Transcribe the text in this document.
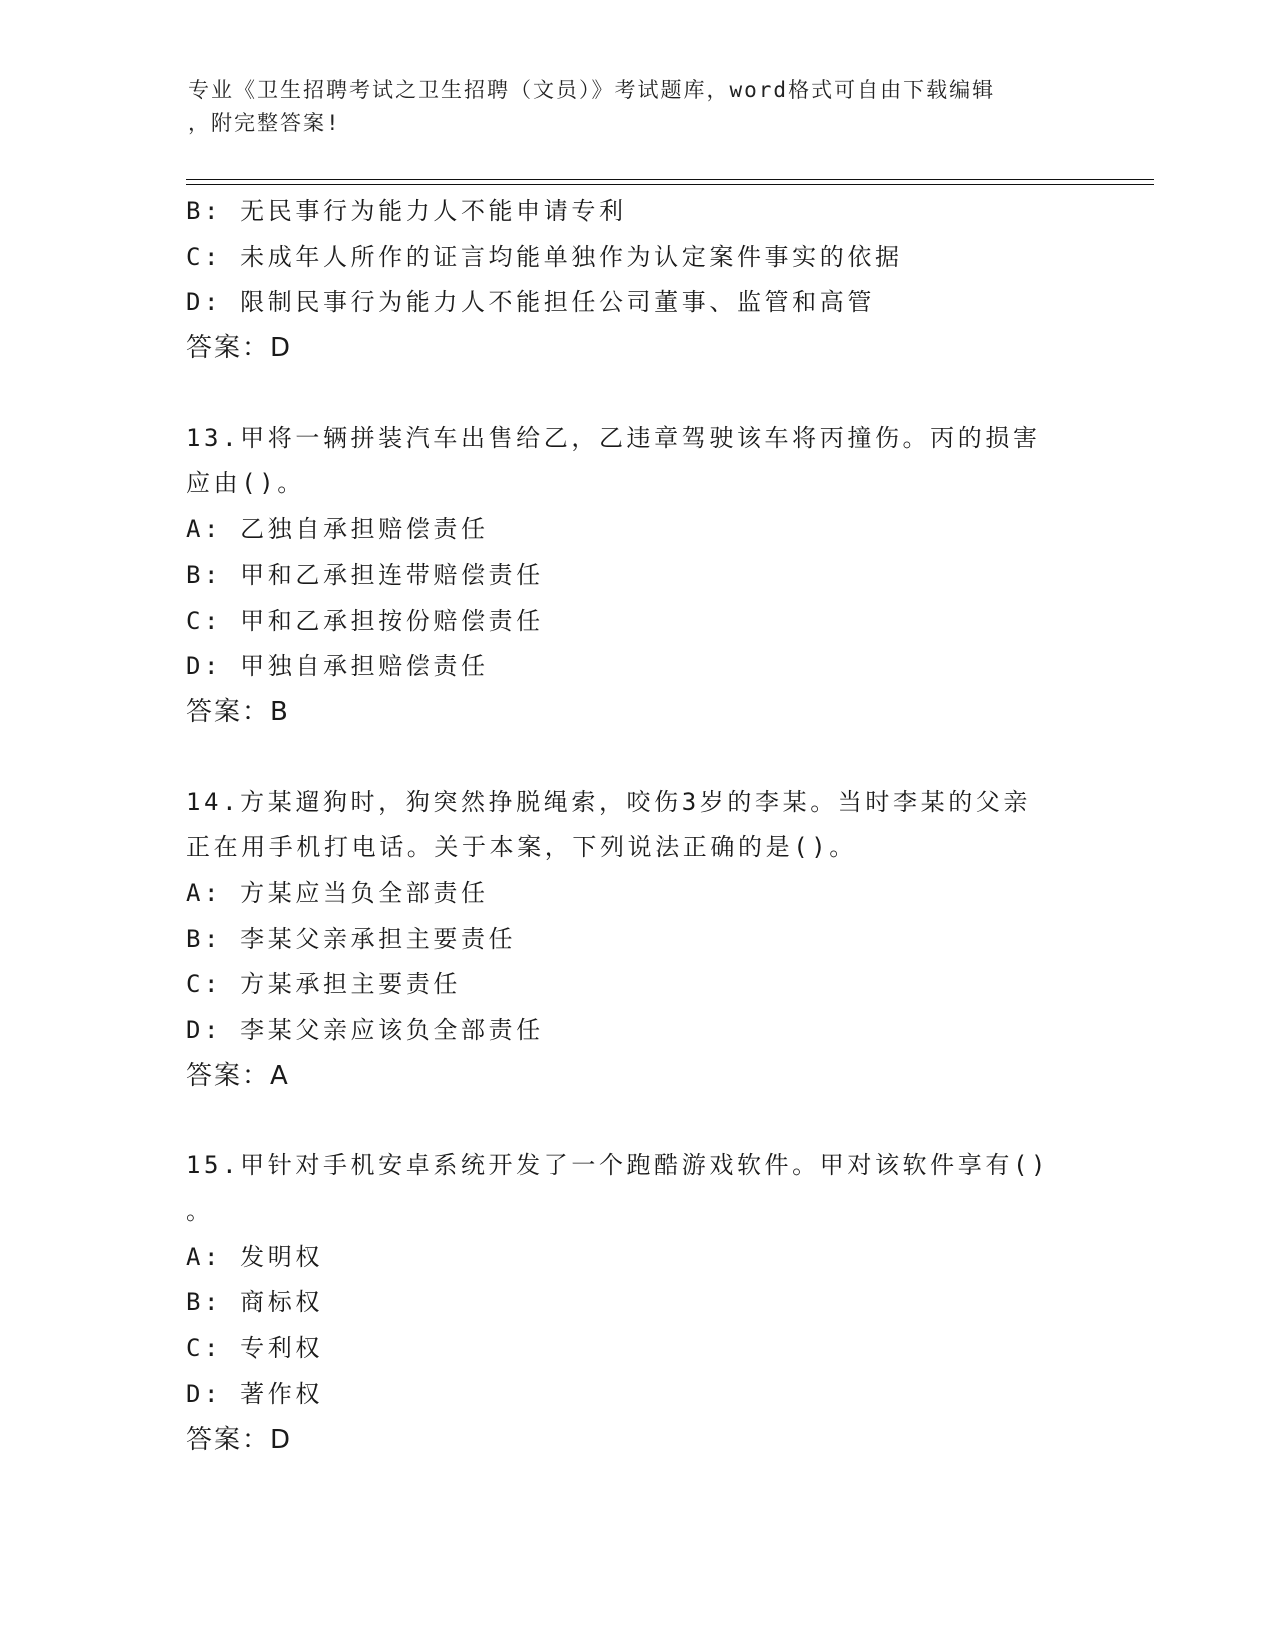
专业《卫生招聘考试之卫生招聘（文员）》考试题库，word格式可自由下载编辑
，附完整答案!
B: 无民事行为能力人不能申请专利
C: 未成年人所作的证言均能单独作为认定案件事实的依据
D: 限制民事行为能力人不能担任公司董事、监管和高管
答案：D
13.甲将一辆拼装汽车出售给乙，乙违章驾驶该车将丙撞伤。丙的损害
应由()。
A: 乙独自承担赔偿责任
B: 甲和乙承担连带赔偿责任
C: 甲和乙承担按份赔偿责任
D: 甲独自承担赔偿责任
答案：B
14.方某遛狗时，狗突然挣脱绳索，咬伤3岁的李某。当时李某的父亲
正在用手机打电话。关于本案，下列说法正确的是()。
A: 方某应当负全部责任
B: 李某父亲承担主要责任
C: 方某承担主要责任
D: 李某父亲应该负全部责任
答案：A
15.甲针对手机安卓系统开发了一个跑酷游戏软件。甲对该软件享有()
。
A: 发明权
B: 商标权
C: 专利权
D: 著作权
答案：D
